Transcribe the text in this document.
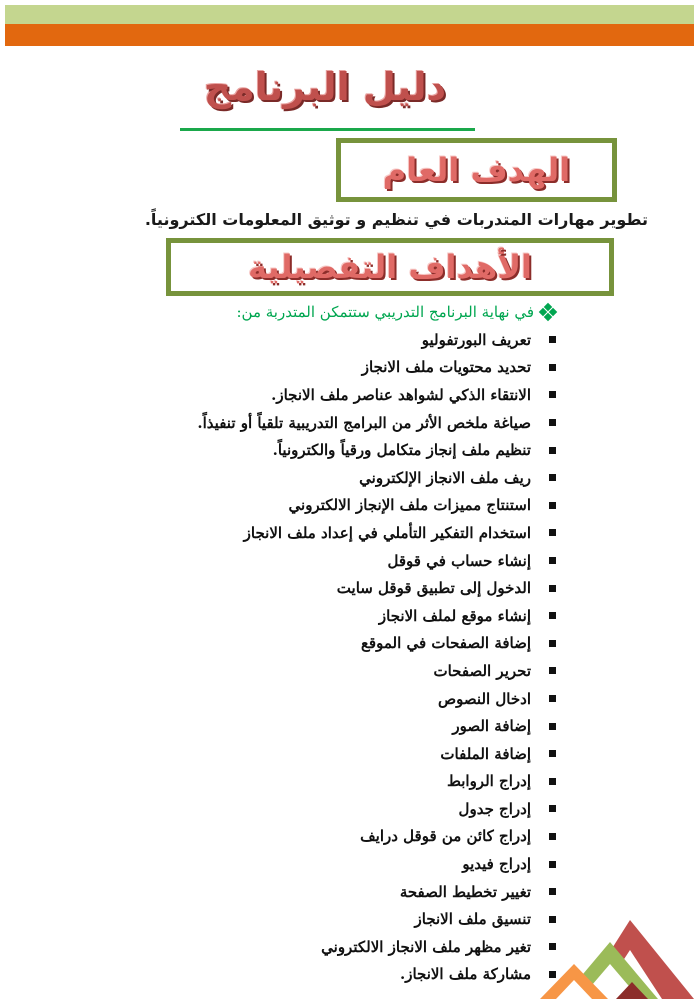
دليل البرنامج
الهدف العام
تطوير مهارات المتدربات في تنظيم و توثيق المعلومات الكترونياً.
الأهداف التفصيلية
في نهاية البرنامج التدريبي ستتمكن المتدربة من:
تعريف البورتفوليو
تحديد محتويات ملف الانجاز
الانتقاء الذكي لشواهد عناصر ملف الانجاز.
صياغة ملخص الأثر من البرامج التدريبية تلقياً أو تنفيذاً.
تنظيم ملف إنجاز متكامل ورقياً والكترونياً.
ريف ملف الانجاز الإلكتروني
استنتاج مميزات ملف الإنجاز الالكتروني
استخدام التفكير التأملي في إعداد ملف الانجاز
إنشاء حساب في قوقل
الدخول إلى تطبيق قوقل سايت
إنشاء موقع لملف الانجاز
إضافة الصفحات في الموقع
تحرير الصفحات
ادخال النصوص
إضافة الصور
إضافة الملفات
إدراج الروابط
إدراج جدول
إدراج كائن من قوقل درايف
إدراج فيديو
تغيير تخطيط الصفحة
تنسيق ملف الانجاز
تغير مظهر ملف الانجاز الالكتروني
مشاركة ملف الانجاز.
